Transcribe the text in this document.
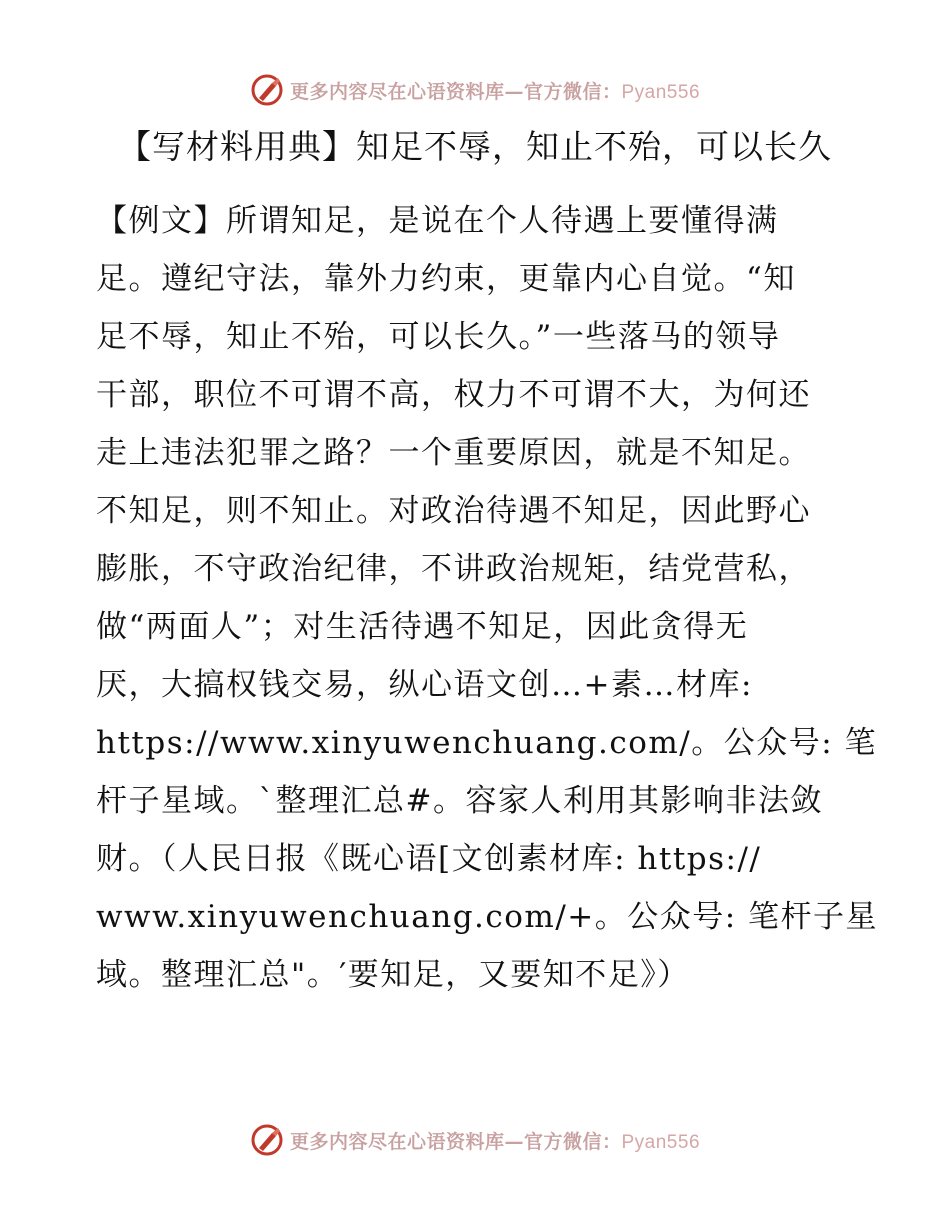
更多内容尽在心语资料库—官方微信：Pyan556
【写材料用典】知足不辱，知止不殆，可以长久
【例文】所谓知足，是说在个人待遇上要懂得满
足。遵纪守法，靠外力约束，更靠内心自觉。“知
足不辱，知止不殆，可以长久。”一些落马的领导
干部，职位不可谓不高，权力不可谓不大，为何还
走上违法犯罪之路？一个重要原因，就是不知足。
不知足，则不知止。对政治待遇不知足，因此野心
膨胀，不守政治纪律，不讲政治规矩，结党营私，
做“两面人”；对生活待遇不知足，因此贪得无
厌，大搞权钱交易，纵心语文创…+素…材库:
https://www.xinyuwenchuang.com/。公众号: 笔
杆子星域。`整理汇总#。容家人利用其影响非法敛
财。（人民日报《既心语[文创素材库: https://
www.xinyuwenchuang.com/+。公众号: 笔杆子星
域。整理汇总"。′要知足，又要知不足》）
更多内容尽在心语资料库—官方微信：Pyan556
